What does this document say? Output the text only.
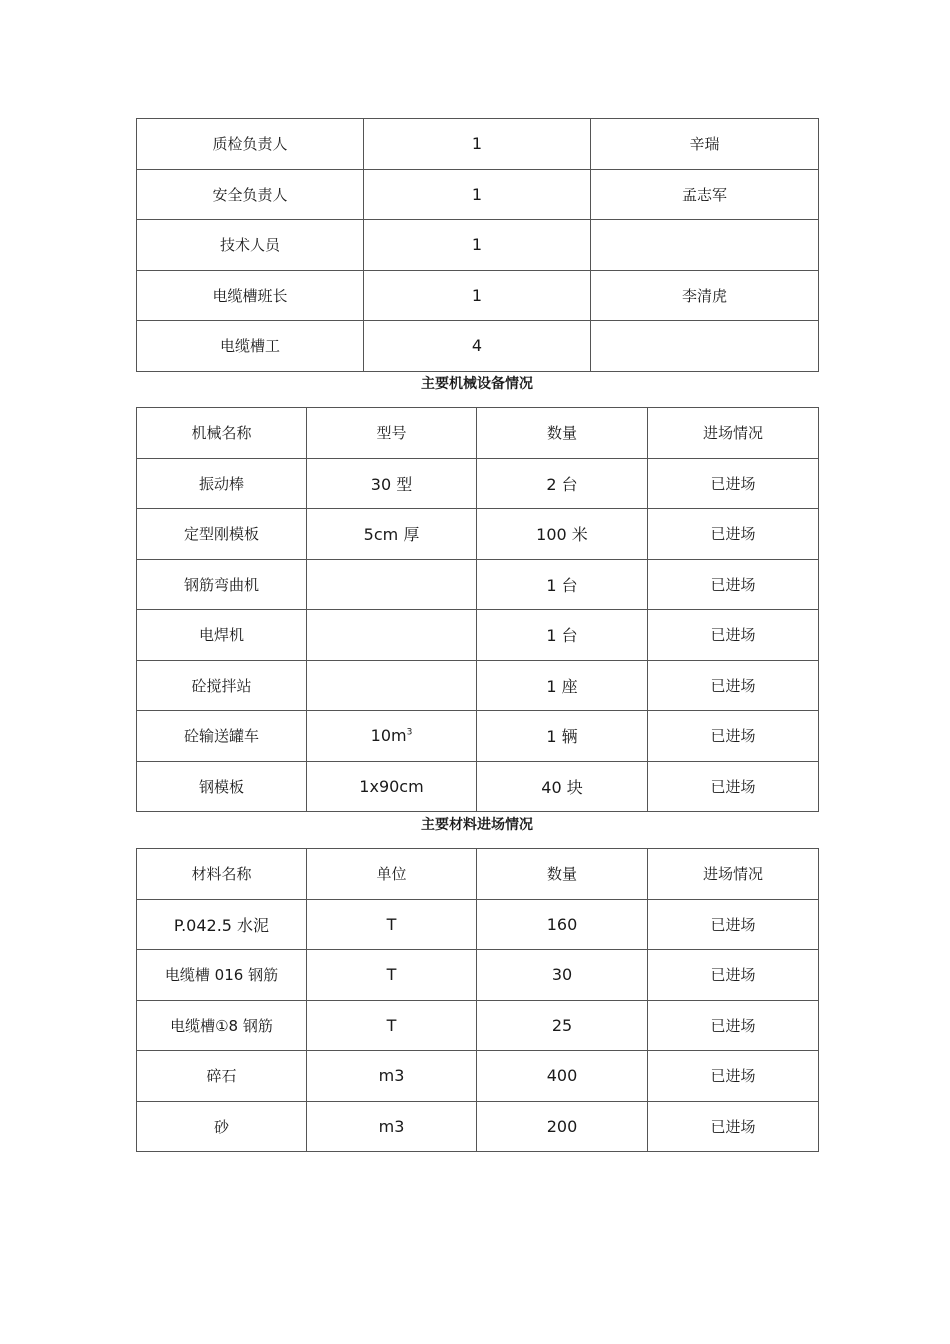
质检负责人	1	辛瑞
安全负责人	1	孟志军
技术人员	1	
电缆槽班长	1	李清虎
电缆槽工	4	
主要机械设备情况
机械名称	型号	数量	进场情况
振动棒	30 型	2 台	已进场
定型刚模板	5cm 厚	100 米	已进场
钢筋弯曲机		1 台	已进场
电焊机		1 台	已进场
砼搅拌站		1 座	已进场
砼输送罐车	$10m^3$	1 辆	已进场
钢模板	1x90cm	40 块	已进场
主要材料进场情况
材料名称	单位	数量	进场情况
P.042.5 水泥	T	160	已进场
电缆槽 016 钢筋	T	30	已进场
电缆槽①8 钢筋	T	25	已进场
碎石	m3	400	已进场
砂	m3	200	已进场
